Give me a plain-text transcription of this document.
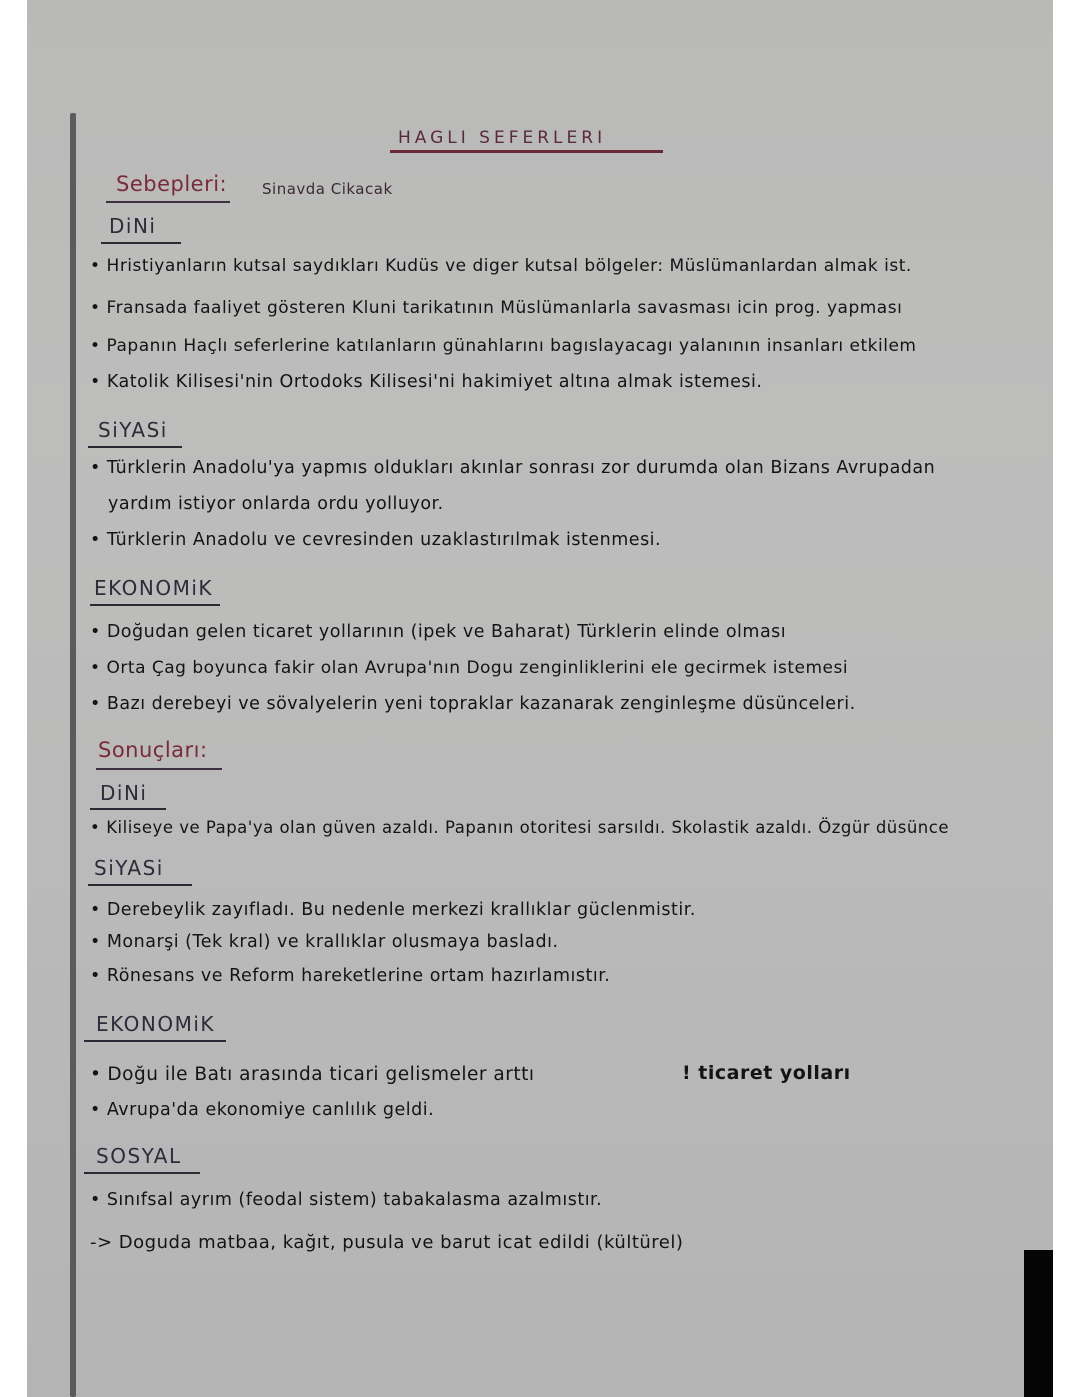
HAGLI SEFERLERI
Sebepleri: Sinavda Cikacak
DiNi
• Hristiyanların kutsal saydıkları Kudüs ve diger kutsal bölgeler: Müslümanlardan almak ist.
• Fransada faaliyet gösteren Kluni tarikatının Müslümanlarla savasması icin prog. yapması
• Papanın Haçlı seferlerine katılanların günahlarını bagıslayacagı yalanının insanları etkilem
• Katolik Kilisesi'nin Ortodoks Kilisesi'ni hakimiyet altına almak istemesi.
SiYASi
• Türklerin Anadolu'ya yapmıs oldukları akınlar sonrası zor durumda olan Bizans Avrupadan
yardım istiyor onlarda ordu yolluyor.
• Türklerin Anadolu ve cevresinden uzaklastırılmak istenmesi.
EKONOMiK
• Doğudan gelen ticaret yollarının (ipek ve Baharat) Türklerin elinde olması
• Orta Çag boyunca fakir olan Avrupa'nın Dogu zenginliklerini ele gecirmek istemesi
• Bazı derebeyi ve sövalyelerin yeni topraklar kazanarak zenginleşme düsünceleri.
Sonuçları:
DiNi
• Kiliseye ve Papa'ya olan güven azaldı. Papanın otoritesi sarsıldı. Skolastik azaldı. Özgür düsünce
SiYASi
• Derebeylik zayıfladı. Bu nedenle merkezi krallıklar güclenmistir.
• Monarşi (Tek kral) ve krallıklar olusmaya basladı.
• Rönesans ve Reform hareketlerine ortam hazırlamıstır.
EKONOMiK
• Doğu ile Batı arasında ticari gelismeler arttı	! ticaret yolları
• Avrupa'da ekonomiye canlılık geldi.
SOSYAL
• Sınıfsal ayrım (feodal sistem) tabakalasma azalmıstır.
-> Doguda matbaa, kağıt, pusula ve barut icat edildi (kültürel)
